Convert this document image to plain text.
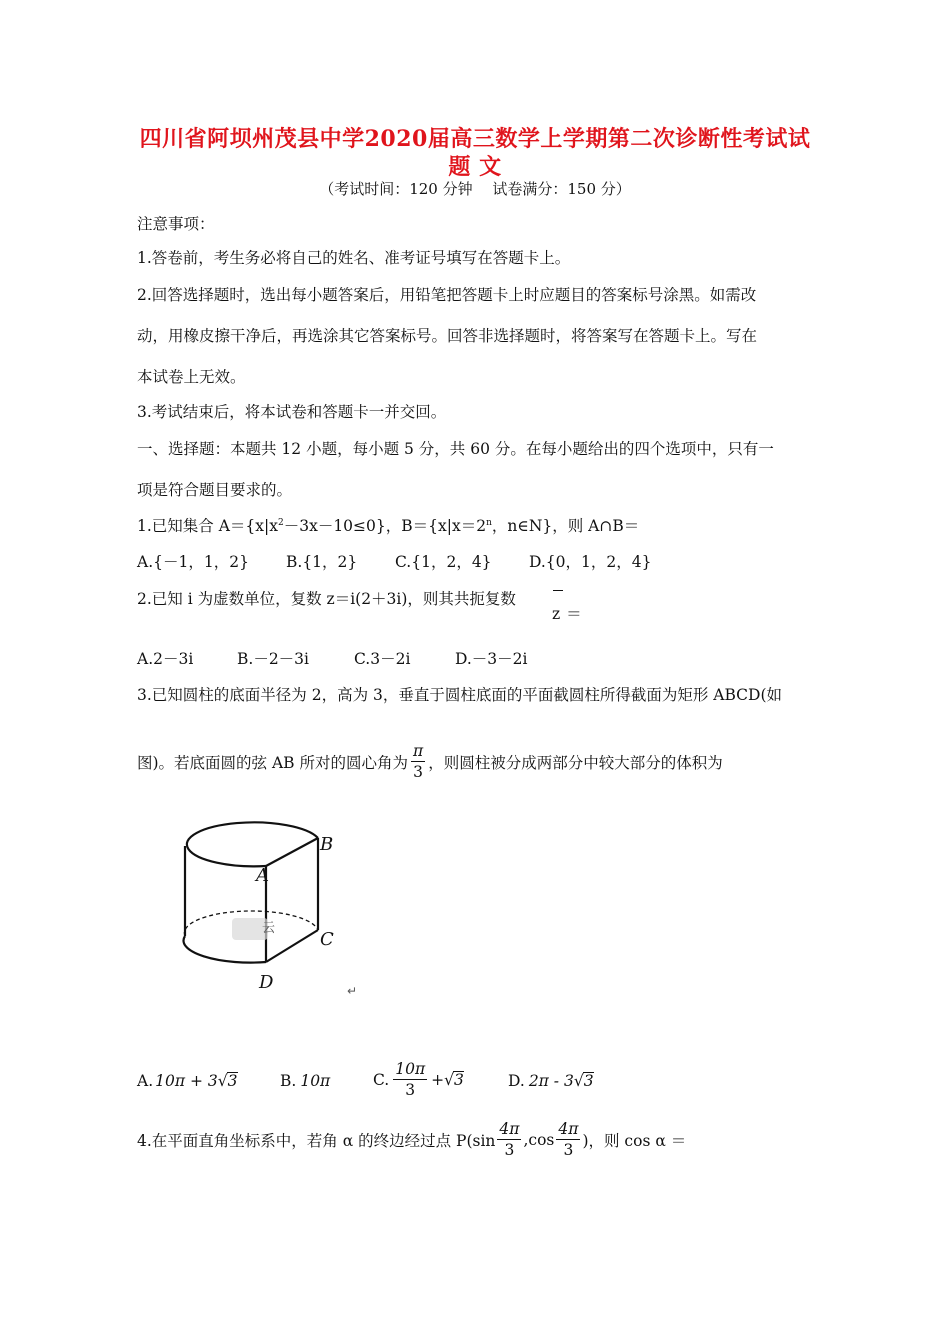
四川省阿坝州茂县中学2020届高三数学上学期第二次诊断性考试试
题 文
（考试时间：120 分钟　 试卷满分：150 分）
注意事项：
1.答卷前，考生务必将自己的姓名、准考证号填写在答题卡上。
2.回答选择题时，选出每小题答案后，用铅笔把答题卡上时应题目的答案标号涂黑。如需改
动，用橡皮擦干净后，再选涂其它答案标号。回答非选择题时，将答案写在答题卡上。写在
本试卷上无效。
3.考试结束后，将本试卷和答题卡一并交回。
一、选择题：本题共 12 小题，每小题 5 分，共 60 分。在每小题给出的四个选项中，只有一
项是符合题目要求的。
1.已知集合 $A=\{x|x^2-3x-10\le 0\}$，$B=\{x|x=2^n$，n∈N}，则 A∩B＝
A.{－1，1，2} B.{1，2} C.{1，2，4} D.{0，1，2，4}
2.已知 i 为虚数单位，复数 z＝i(2＋3i)，则其共扼复数
z ＝
A.2－3i	B.－2－3i	C.3－2i	D.－3－2i
3.已知圆柱的底面半径为 2，高为 3，垂直于圆柱底面的平面截圆柱所得截面为矩形 ABCD(如
图)。若底面圆的弦 AB 所对的圆心角为 $\frac{\pi}{3}$ ，则圆柱被分成两部分中较大部分的体积为
云
B
A
C
D	↵
A. 10π + 3 √ 3	B. 10π	C. $\frac{10\pi}{3}$ + √ 3	D. 2π - 3 √ 3
4.在平面直角坐标系中，若角 α 的终边经过点 $P(\sin \frac{4\pi}{3} ,\cos \frac{4\pi}{3}$ )，则 cos α ＝
